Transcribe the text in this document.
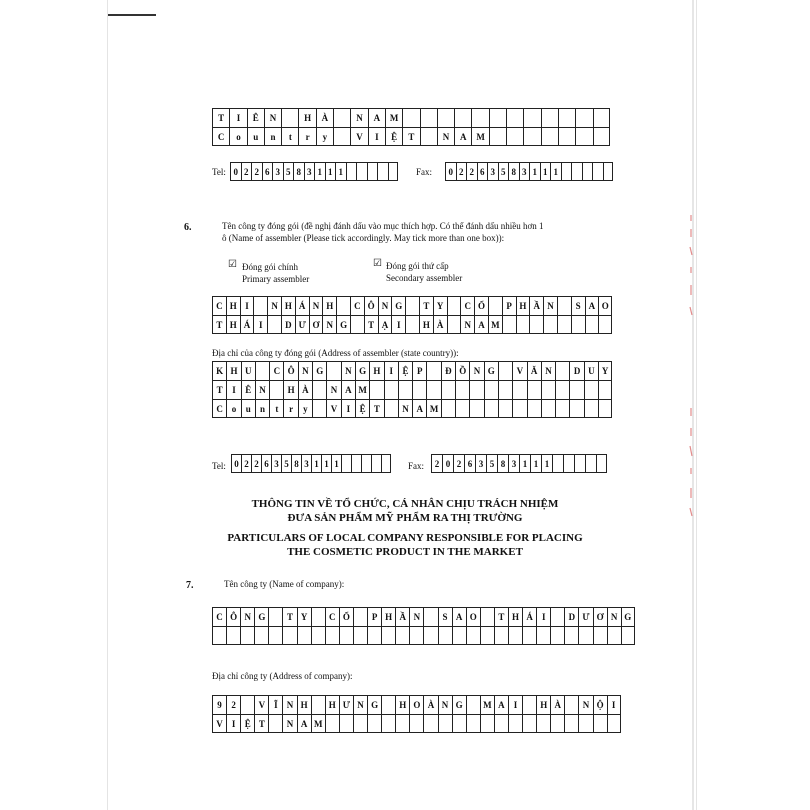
T	I	Ê	N	H	À	N	A	M
C	o	u	n	t	r	y	V	I	Ệ	T	N	A	M
Tel: 0 2 2 6 3 5 8 3 1 1 1	Fax:	0 2 2 6 3 5 8 3 1 1 1
6.	Tên công ty đóng gói (đề nghị đánh dấu vào mục thích hợp. Có thể đánh dấu nhiều hơn 1
ô (Name of assembler (Please tick accordingly. May tick more than one box)):
☑ Đóng gói chính
Primary assembler
☑ Đóng gói thứ cấp
Secondary assembler
C H I	N H Á N H	C Ô N G	T Y	C Ổ	P H Ầ N	S A O
T H Á I	D Ư Ơ N G	T Ạ I	H À	N A M
Địa chỉ của công ty đóng gói (Address of assembler (state country)):
K H U	C Ô N G	N G H	I	Ệ P	Đ Ồ N G	V Ă N	D U Y
T	I	Ê N	H À	N A M
C o	u	n	t	r	y	V	I	Ệ T	N A M
Tel: 0 2 2 6 3 5 8 3 1 1 1	Fax:	2 0 2 6 3 5 8 3 1 1 1
THÔNG TIN VỀ TỔ CHỨC, CÁ NHÂN CHỊU TRÁCH NHIỆM
ĐƯA SẢN PHẨM MỸ PHẨM RA THỊ TRƯỜNG
PARTICULARS OF LOCAL COMPANY RESPONSIBLE FOR PLACING
THE COSMETIC PRODUCT IN THE MARKET
7.	Tên công ty (Name of company):
C Ô N G	T Y	C Ổ	P H Ầ N	S A O	T H Á	I	D Ư Ơ N G
Địa chỉ công ty (Address of company):
9	2	V	Ĩ	N H	H Ư N G	H O À N G	M A	I	H À	N Ộ I
V	I	Ệ T	N A M
